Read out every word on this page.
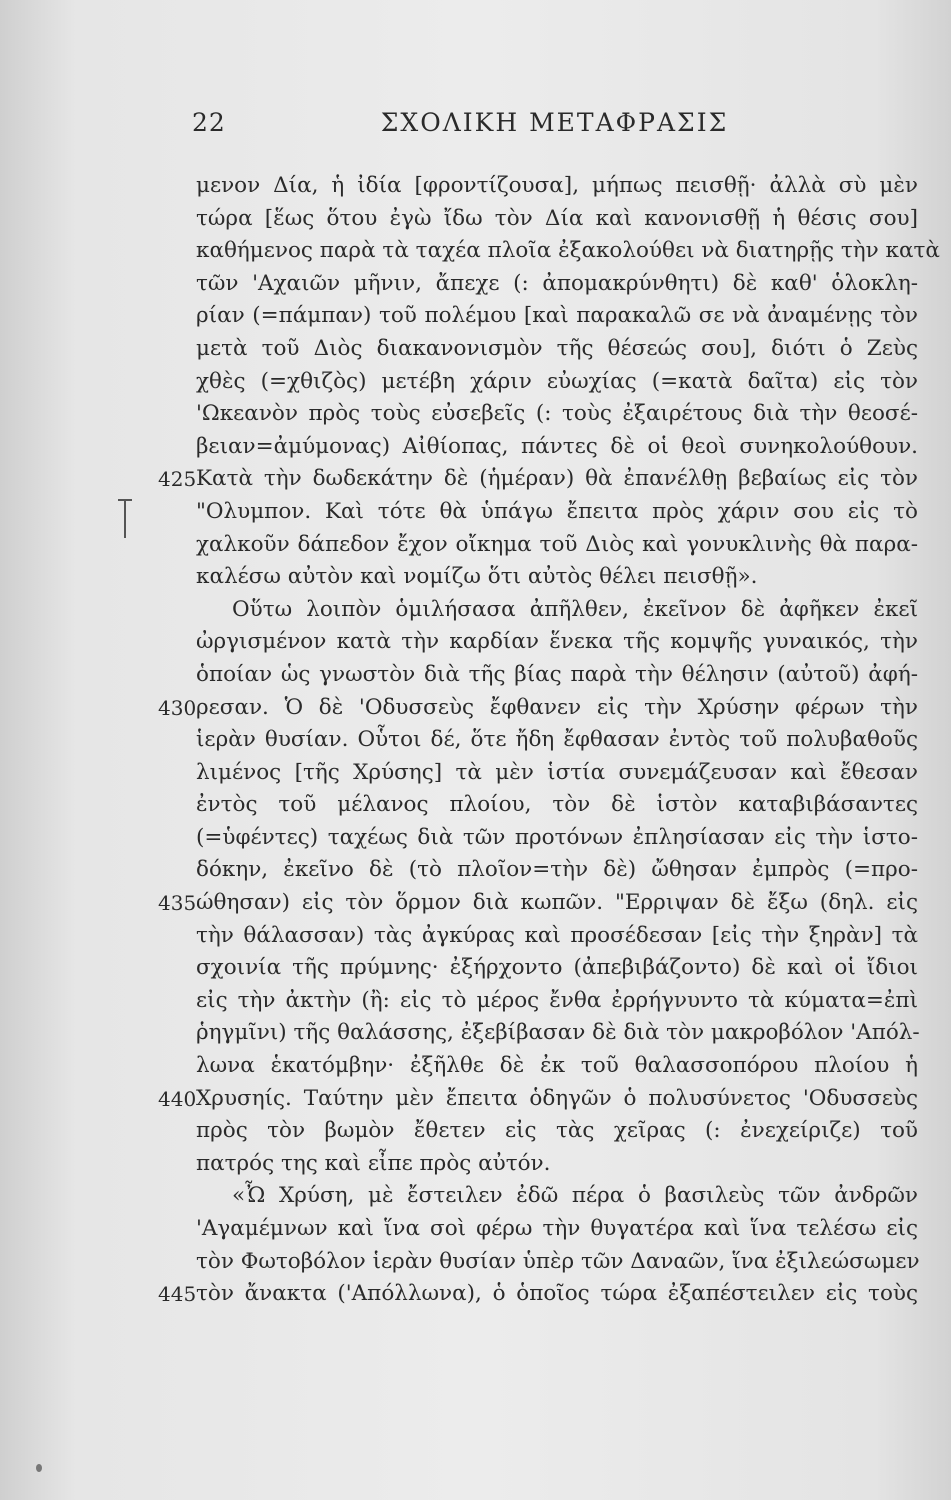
22	ΣΧΟΛΙΚΗ ΜΕΤΑΦΡΑΣΙΣ
μενον Δία, ἡ ἰδία [φροντίζουσα], μήπως πεισθῇ· ἀλλὰ σὺ μὲν
τώρα [ἕως ὅτου ἐγὼ ἴδω τὸν Δία καὶ κανονισθῇ ἡ θέσις σου]
καθήμενος παρὰ τὰ ταχέα πλοῖα ἐξακολούθει νὰ διατηρῇς τὴν κατὰ
τῶν 'Αχαιῶν μῆνιν, ἄπεχε (: ἀπομακρύνθητι) δὲ καθ' ὁλοκλη-
ρίαν (=πάμπαν) τοῦ πολέμου [καὶ παρακαλῶ σε νὰ ἀναμένῃς τὸν
μετὰ τοῦ Διὸς διακανονισμὸν τῆς θέσεώς σου], διότι ὁ Ζεὺς
χθὲς (=χθιζὸς) μετέβη χάριν εὐωχίας (=κατὰ δαῖτα) εἰς τὸν
'Ωκεανὸν πρὸς τοὺς εὐσεβεῖς (: τοὺς ἐξαιρέτους διὰ τὴν θεοσέ-
βειαν=ἀμύμονας) Αἰθίοπας, πάντες δὲ οἱ θεοὶ συνηκολούθουν.
425 Κατὰ τὴν δωδεκάτην δὲ (ἡμέραν) θὰ ἐπανέλθῃ βεβαίως εἰς τὸν
"Ολυμπον. Καὶ τότε θὰ ὑπάγω ἔπειτα πρὸς χάριν σου εἰς τὸ
χαλκοῦν δάπεδον ἔχον οἴκημα τοῦ Διὸς καὶ γονυκλινὴς θὰ παρα-
καλέσω αὐτὸν καὶ νομίζω ὅτι αὐτὸς θέλει πεισθῇ».
Οὕτω λοιπὸν ὁμιλήσασα ἀπῆλθεν, ἐκεῖνον δὲ ἀφῆκεν ἐκεῖ
ὠργισμένον κατὰ τὴν καρδίαν ἕνεκα τῆς κομψῆς γυναικός, τὴν
ὁποίαν ὡς γνωστὸν διὰ τῆς βίας παρὰ τὴν θέλησιν (αὐτοῦ) ἀφή-
430 ρεσαν. Ὁ δὲ 'Οδυσσεὺς ἔφθανεν εἰς τὴν Χρύσην φέρων τὴν
ἱερὰν θυσίαν. Οὗτοι δέ, ὅτε ἤδη ἔφθασαν ἐντὸς τοῦ πολυβαθοῦς
λιμένος [τῆς Χρύσης] τὰ μὲν ἱστία συνεμάζευσαν καὶ ἔθεσαν
ἐντὸς τοῦ μέλανος πλοίου, τὸν δὲ ἱστὸν καταβιβάσαντες
(=ὑφέντες) ταχέως διὰ τῶν προτόνων ἐπλησίασαν εἰς τὴν ἱστο-
δόκην, ἐκεῖνο δὲ (τὸ πλοῖον=τὴν δὲ) ὤθησαν ἐμπρὸς (=προ-
435 ώθησαν) εἰς τὸν ὅρμον διὰ κωπῶν. "Ερριψαν δὲ ἔξω (δηλ. εἰς
τὴν θάλασσαν) τὰς ἀγκύρας καὶ προσέδεσαν [εἰς τὴν ξηρὰν] τὰ
σχοινία τῆς πρύμνης· ἐξήρχοντο (ἀπεβιβάζοντο) δὲ καὶ οἱ ἴδιοι
εἰς τὴν ἀκτὴν (ἢ: εἰς τὸ μέρος ἔνθα ἐρρήγνυντο τὰ κύματα=ἐπὶ
ῥηγμῖνι) τῆς θαλάσσης, ἐξεβίβασαν δὲ διὰ τὸν μακροβόλον 'Απόλ-
λωνα ἑκατόμβην· ἐξῆλθε δὲ ἐκ τοῦ θαλασσοπόρου πλοίου ἡ
440 Χρυσηίς. Ταύτην μὲν ἔπειτα ὁδηγῶν ὁ πολυσύνετος 'Οδυσσεὺς
πρὸς τὸν βωμὸν ἔθετεν εἰς τὰς χεῖρας (: ἐνεχείριζε) τοῦ
πατρός της καὶ εἶπε πρὸς αὐτόν.
«Ὦ Χρύση, μὲ ἔστειλεν ἐδῶ πέρα ὁ βασιλεὺς τῶν ἀνδρῶν
'Αγαμέμνων καὶ ἵνα σοὶ φέρω τὴν θυγατέρα καὶ ἵνα τελέσω εἰς
τὸν Φωτοβόλον ἱερὰν θυσίαν ὑπὲρ τῶν Δαναῶν, ἵνα ἐξιλεώσωμεν
445 τὸν ἄνακτα ('Απόλλωνα), ὁ ὁποῖος τώρα ἐξαπέστειλεν εἰς τοὺς
